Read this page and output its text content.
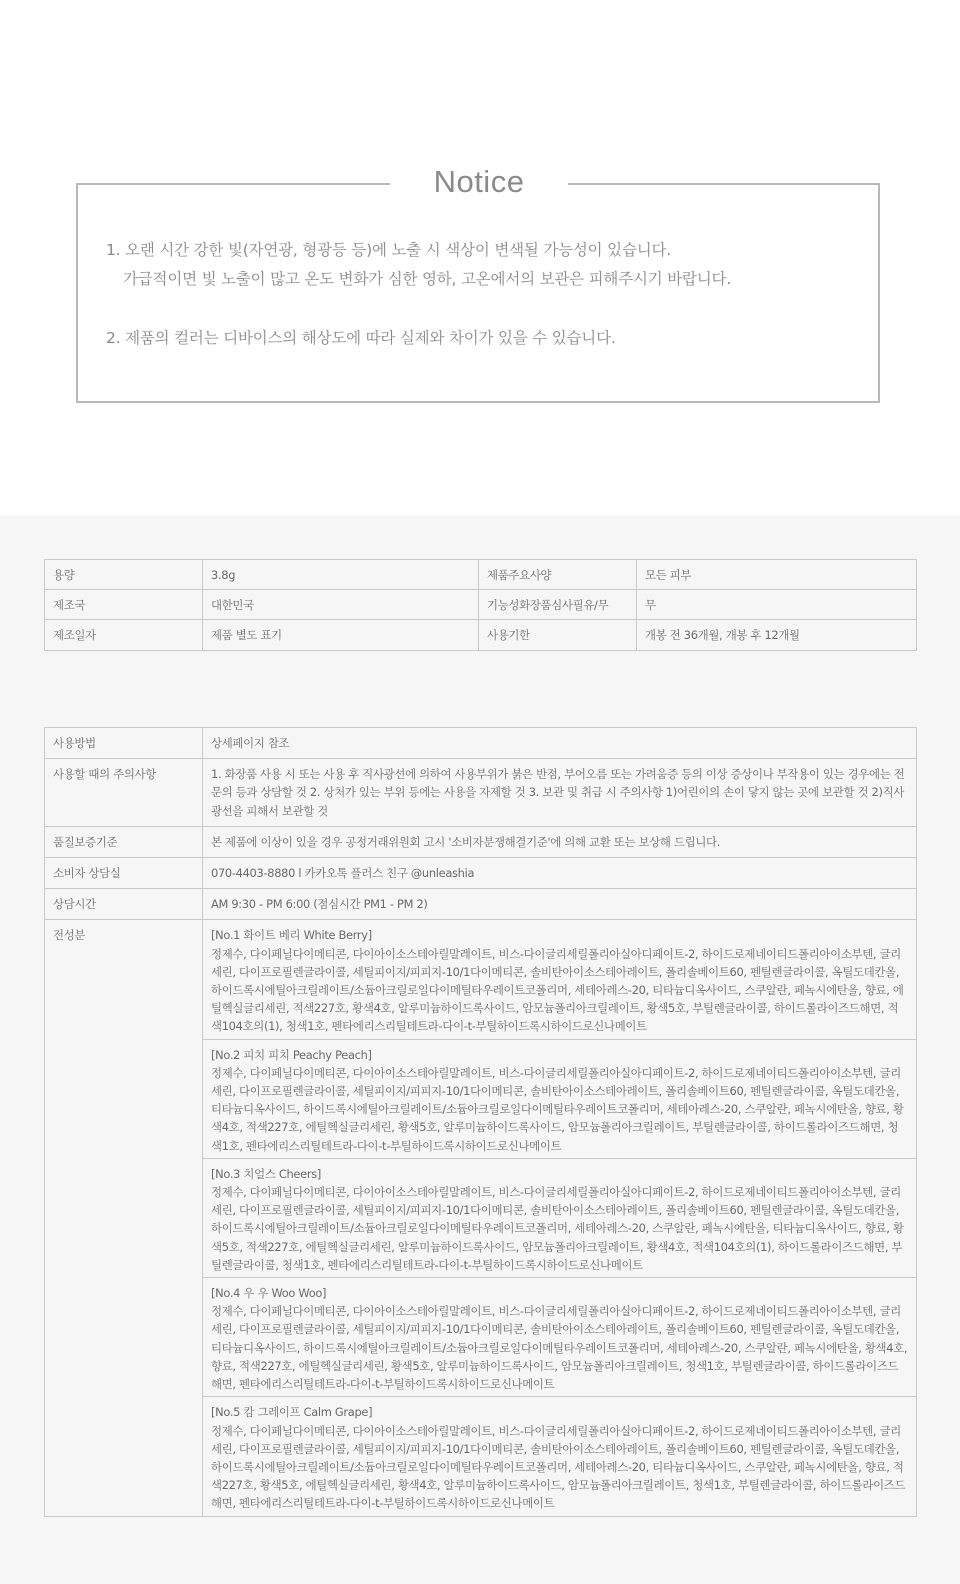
Notice
1. 오랜 시간 강한 빛(자연광, 형광등 등)에 노출 시 색상이 변색될 가능성이 있습니다.
가급적이면 빛 노출이 많고 온도 변화가 심한 영하, 고온에서의 보관은 피해주시기 바랍니다.
2. 제품의 컬러는 디바이스의 해상도에 따라 실제와 차이가 있을 수 있습니다.
용량	3.8g	제품주요사양	모든 피부
제조국	대한민국	기능성화장품심사필유/무	무
제조일자	제품 별도 표기	사용기한	개봉 전 36개월, 개봉 후 12개월
사용방법	상세페이지 참조
사용할 때의 주의사항	1. 화장품 사용 시 또는 사용 후 직사광선에 의하여 사용부위가 붉은 반점, 부어오름 또는 가려움증 등의 이상 증상이나 부작용이 있는 경우에는 전문의 등과 상담할 것 2. 상처가 있는 부위 등에는 사용을 자제할 것 3. 보관 및 취급 시 주의사항 1)어린이의 손이 닿지 않는 곳에 보관할 것 2)직사광선을 피해서 보관할 것
품질보증기준	본 제품에 이상이 있을 경우 공정거래위원회 고시 '소비자분쟁해결기준'에 의해 교환 또는 보상해 드립니다.
소비자 상담실	070-4403-8880 l 카카오톡 플러스 친구 @unleashia
상담시간	AM 9:30 - PM 6:00 (점심시간 PM1 - PM 2)
전성분	[No.1 화이트 베리 White Berry]
정제수, 다이페닐다이메티콘, 다이아이소스테아릴말레이트, 비스-다이글리세릴폴리아실아디페이트-2, 하이드로제네이티드폴리아이소부텐, 글리세린, 다이프로필렌글라이콜, 세틸피이지/피피지-10/1다이메티콘, 솔비탄아이소스테아레이트, 폴리솔베이트60, 펜틸렌글라이콜, 옥틸도데칸올, 하이드록시에틸아크릴레이트/소듐아크릴로일다이메틸타우레이트코폴리머, 세테아레스-20, 티타늄디옥사이드, 스쿠알란, 페녹시에탄올, 향료, 에틸헥실글리세린, 적색227호, 황색4호, 알루미늄하이드록사이드, 암모늄폴리아크릴레이트, 황색5호, 부틸렌글라이콜, 하이드롤라이즈드해면, 적색104호의(1), 청색1호, 펜타에리스리틸테트라-다이-t-부틸하이드록시하이드로신나메이트

	[No.2 피치 피치 Peachy Peach]
정제수, 다이페닐다이메티콘, 다이아이소스테아릴말레이트, 비스-다이글리세릴폴리아실아디페이트-2, 하이드로제네이티드폴리아이소부텐, 글리세린, 다이프로필렌글라이콜, 세틸피이지/피피지-10/1다이메티콘, 솔비탄아이소스테아레이트, 폴리솔베이트60, 펜틸렌글라이콜, 옥틸도데칸올, 티타늄디옥사이드, 하이드록시에틸아크릴레이트/소듐아크릴로일다이메틸타우레이트코폴리머, 세테아레스-20, 스쿠알란, 페녹시에탄올, 향료, 황색4호, 적색227호, 에틸헥실글리세린, 황색5호, 알루미늄하이드록사이드, 암모늄폴리아크릴레이트, 부틸렌글라이콜, 하이드롤라이즈드해면, 청색1호, 펜타에리스리틸테트라-다이-t-부틸하이드록시하이드로신나메이트

	[No.3 치얼스 Cheers]
정제수, 다이페닐다이메티콘, 다이아이소스테아릴말레이트, 비스-다이글리세릴폴리아실아디페이트-2, 하이드로제네이티드폴리아이소부텐, 글리세린, 다이프로필렌글라이콜, 세틸피이지/피피지-10/1다이메티콘, 솔비탄아이소스테아레이트, 폴리솔베이트60, 펜틸렌글라이콜, 옥틸도데칸올, 하이드록시에틸아크릴레이트/소듐아크릴로일다이메틸타우레이트코폴리머, 세테아레스-20, 스쿠알란, 페녹시에탄올, 티타늄디옥사이드, 향료, 황색5호, 적색227호, 에틸헥실글리세린, 알루미늄하이드록사이드, 암모늄폴리아크릴레이트, 황색4호, 적색104호의(1), 하이드롤라이즈드해면, 부틸렌글라이콜, 청색1호, 펜타에리스리틸테트라-다이-t-부틸하이드록시하이드로신나메이트

	[No.4 우 우 Woo Woo]
정제수, 다이페닐다이메티콘, 다이아이소스테아릴말레이트, 비스-다이글리세릴폴리아실아디페이트-2, 하이드로제네이티드폴리아이소부텐, 글리세린, 다이프로필렌글라이콜, 세틸피이지/피피지-10/1다이메티콘, 솔비탄아이소스테아레이트, 폴리솔베이트60, 펜틸렌글라이콜, 옥틸도데칸올, 티타늄디옥사이드, 하이드록시에틸아크릴레이트/소듐아크릴로일다이메틸타우레이트코폴리머, 세테아레스-20, 스쿠알란, 페녹시에탄올, 황색4호, 향료, 적색227호, 에틸헥실글리세린, 황색5호, 알루미늄하이드록사이드, 암모늄폴리아크릴레이트, 청색1호, 부틸렌글라이콜, 하이드롤라이즈드해면, 펜타에리스리틸테트라-다이-t-부틸하이드록시하이드로신나메이트

	[No.5 캄 그레이프 Calm Grape]
정제수, 다이페닐다이메티콘, 다이아이소스테아릴말레이트, 비스-다이글리세릴폴리아실아디페이트-2, 하이드로제네이티드폴리아이소부텐, 글리세린, 다이프로필렌글라이콜, 세틸피이지/피피지-10/1다이메티콘, 솔비탄아이소스테아레이트, 폴리솔베이트60, 펜틸렌글라이콜, 옥틸도데칸올, 하이드록시에틸아크릴레이트/소듐아크릴로일다이메틸타우레이트코폴리머, 세테아레스-20, 티타늄디옥사이드, 스쿠알란, 페녹시에탄올, 향료, 적색227호, 황색5호, 에틸헥실글리세린, 황색4호, 알루미늄하이드록사이드, 암모늄폴리아크릴레이트, 청색1호, 부틸렌글라이콜, 하이드롤라이즈드해면, 펜타에리스리틸테트라-다이-t-부틸하이드록시하이드로신나메이트
